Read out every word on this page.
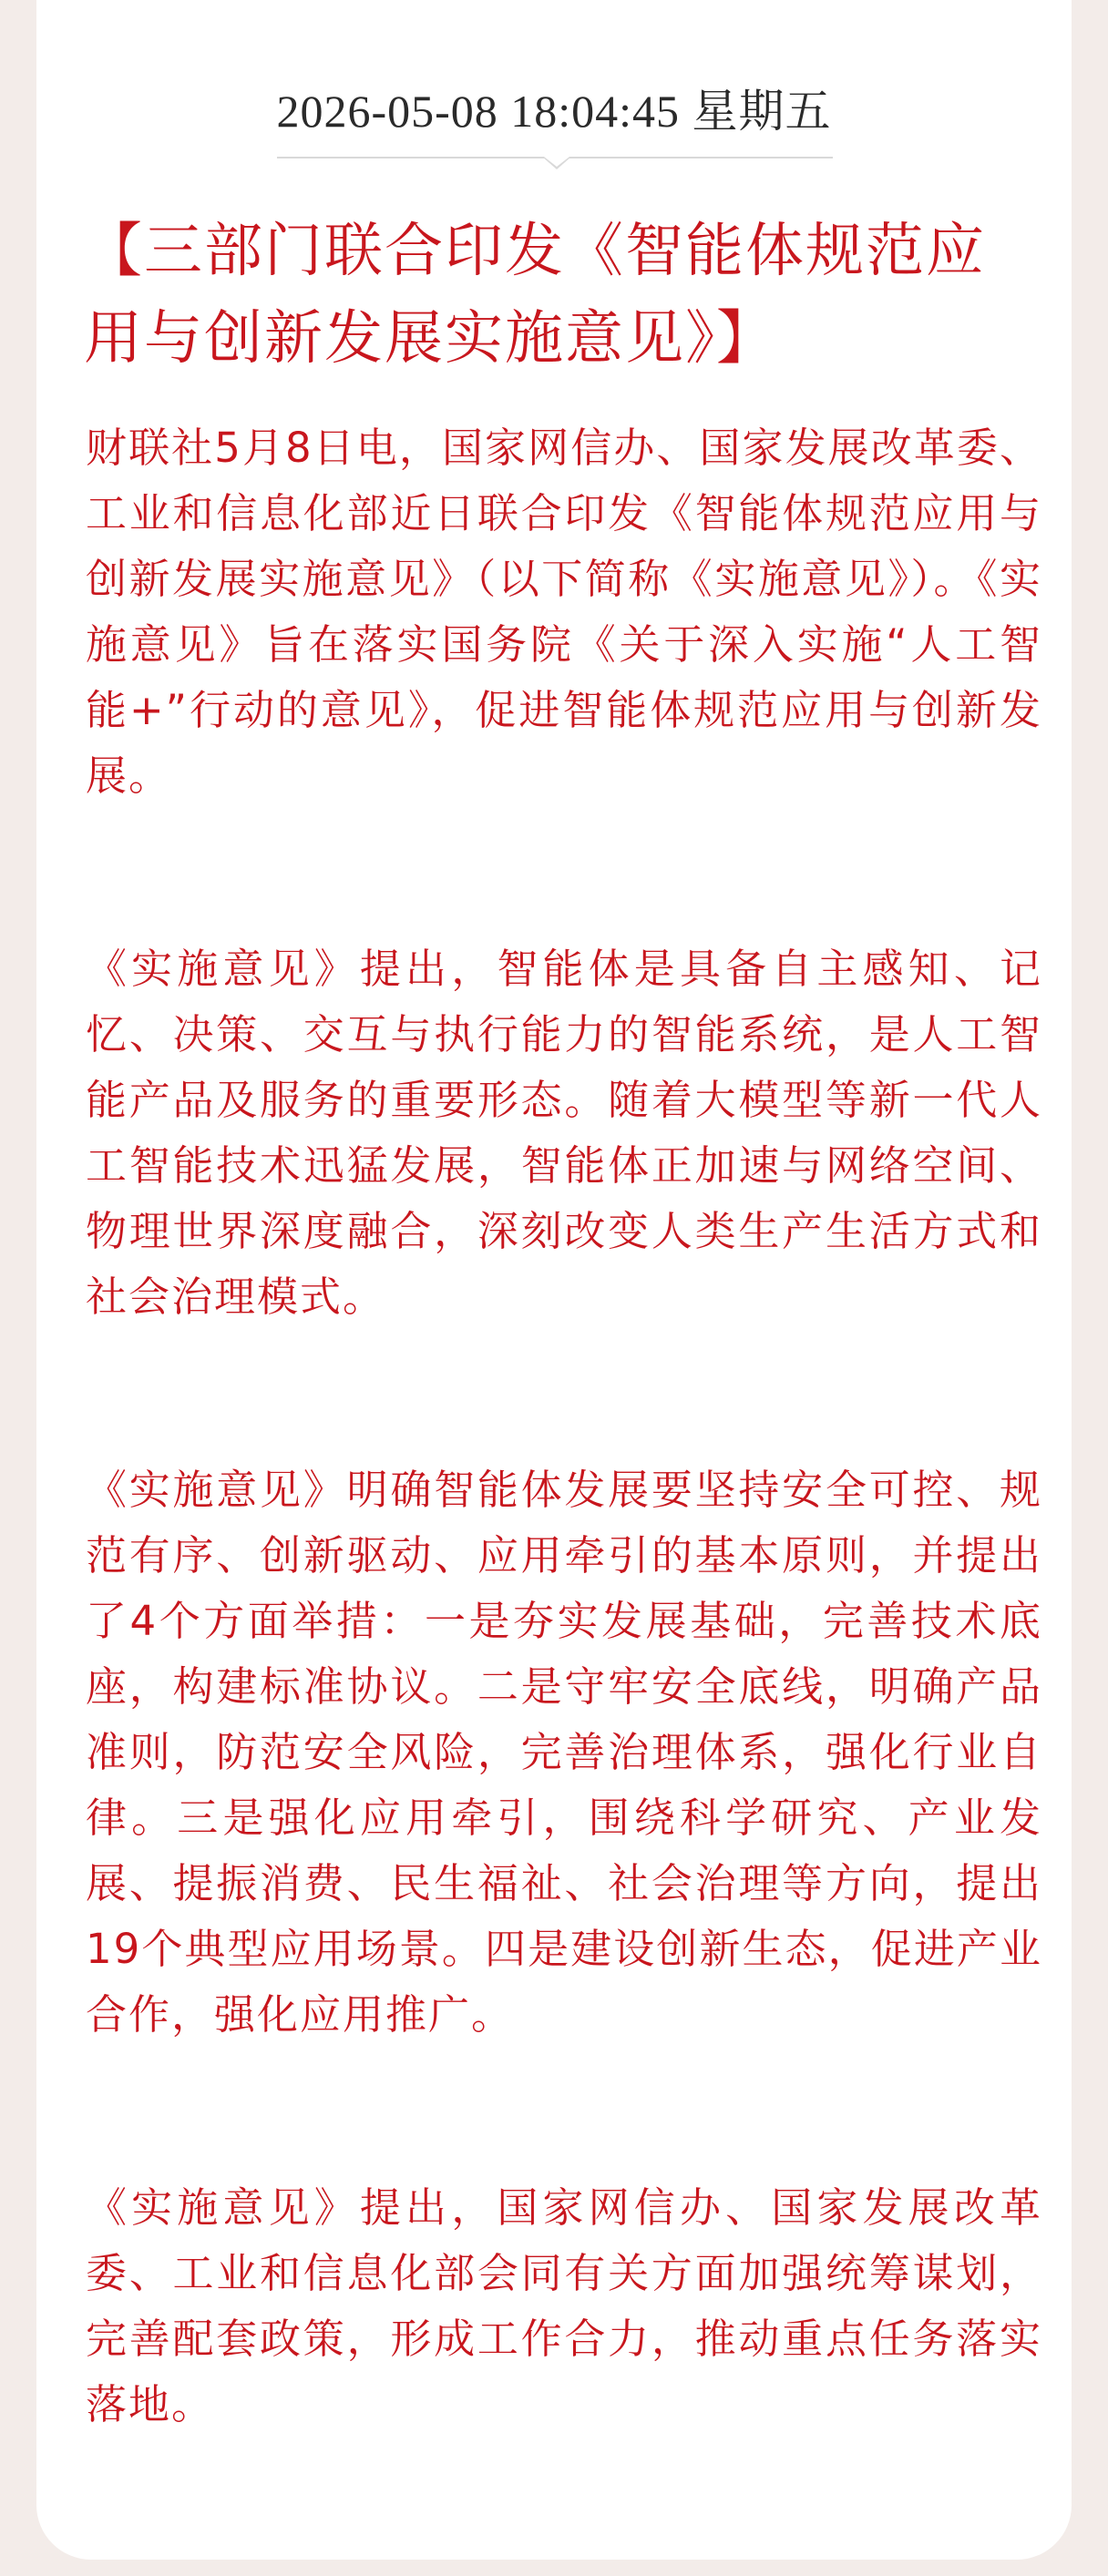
2026-05-08 18:04:45 星期五
【三部门联合印发《智能体规范应用与创新发展实施意见》】

财联社5月8日电，国家网信办、国家发展改革委、工业和信息化部近日联合印发《智能体规范应用与创新发展实施意见》（以下简称《实施意见》）。《实施意见》旨在落实国务院《关于深入实施“人工智能+”行动的意见》，促进智能体规范应用与创新发展。

《实施意见》提出，智能体是具备自主感知、记忆、决策、交互与执行能力的智能系统，是人工智能产品及服务的重要形态。随着大模型等新一代人工智能技术迅猛发展，智能体正加速与网络空间、物理世界深度融合，深刻改变人类生产生活方式和社会治理模式。

《实施意见》明确智能体发展要坚持安全可控、规范有序、创新驱动、应用牵引的基本原则，并提出了4个方面举措：一是夯实发展基础，完善技术底座，构建标准协议。二是守牢安全底线，明确产品准则，防范安全风险，完善治理体系，强化行业自律。三是强化应用牵引，围绕科学研究、产业发展、提振消费、民生福祉、社会治理等方向，提出19个典型应用场景。四是建设创新生态，促进产业合作，强化应用推广。

《实施意见》提出，国家网信办、国家发展改革委、工业和信息化部会同有关方面加强统筹谋划，完善配套政策，形成工作合力，推动重点任务落实落地。
